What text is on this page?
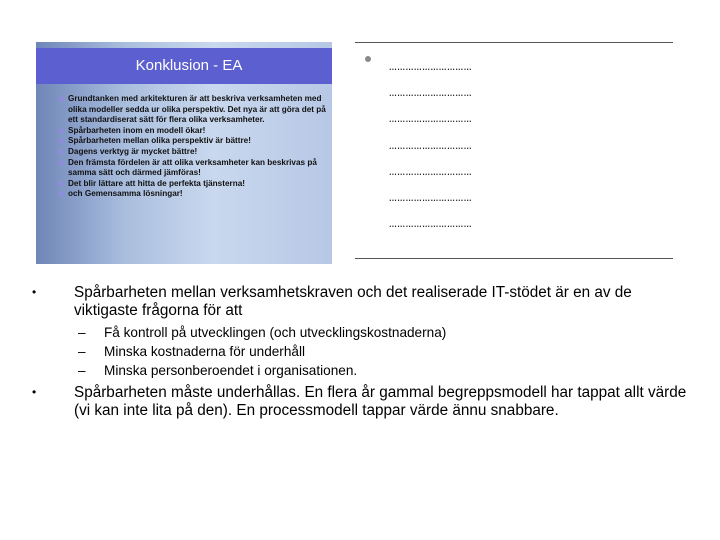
Konklusion - EA
Grundtanken med arkitekturen är att beskriva verksamheten med olika modeller sedda ur olika perspektiv. Det nya är att göra det på ett standardiserat sätt för flera olika verksamheter.
Spårbarheten inom en modell ökar!
Spårbarheten mellan olika perspektiv är bättre!
Dagens verktyg är mycket bättre!
Den främsta fördelen är att olika verksamheter kan beskrivas på samma sätt och därmed jämföras!
Det blir lättare att hitta de perfekta tjänsterna!
och Gemensamma lösningar!
…………………………
…………………………
…………………………
…………………………
…………………………
…………………………
…………………………
• Spårbarheten mellan verksamhetskraven och det realiserade IT-stödet är en av de viktigaste frågorna för att
– Få kontroll på utvecklingen (och utvecklingskostnaderna)
– Minska kostnaderna för underhåll
– Minska personberoendet i organisationen.
• Spårbarheten måste underhållas. En flera år gammal begreppsmodell har tappat allt värde (vi kan inte lita på den). En processmodell tappar värde ännu snabbare.
